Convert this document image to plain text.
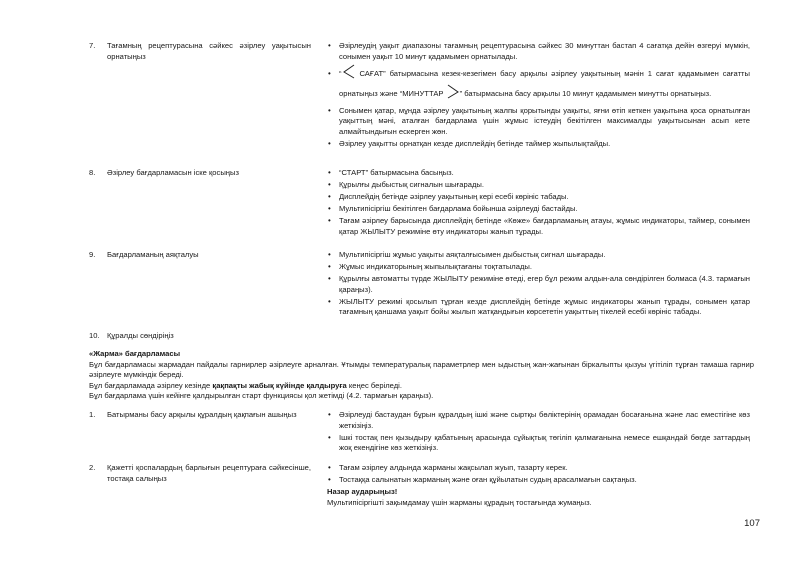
7.	Тағамның рецептурасына сәйкес әзірлеу уақытысын орнатыңыз
• Әзірлеудің уақыт диапазоны тағамның рецептурасына сәйкес 30 минуттан бастап 4 сағатқа дейін өзгеруі мүмкін, сонымен уақыт 10 минут қадамымен орнатылады.
• “ САҒАТ” батырмасына кезек-кезегімен басу арқылы әзірлеу уақытының мәнін 1 сағат қадамымен сағатты орнатыңыз және “МИНУТТАР ” батырмасына басу арқылы 10 минут қадамымен минутты орнатыңыз.
• Сонымен қатар, мұнда әзірлеу уақытының жалпы қорытынды уақыты, яғни өтіп кеткен уақытына қоса орнатылған уақыттың мәні, аталған бағдарлама үшін жұмыс істеудің бекітілген максималды уақытысынан асып кете алмайтындығын ескерген жөн.
• Әзірлеу уақытты орнатқан кезде дисплейдің бетінде таймер жыпылықтайды.
8.	Әзірлеу бағдарламасын іске қосыңыз	• “СТАРТ” батырмасына басыңыз.
• Құрылғы дыбыстық сигналын шығарады.
• Дисплейдің бетінде әзірлеу уақытының кері есебі көрініс табады.
• Мультипісіргіш бекітілген бағдарлама бойынша әзірлеуді бастайды.
• Тағам әзірлеу барысында дисплейдің бетінде «Көже» бағдарламаның атауы, жұмыс индикаторы, таймер, сонымен қатар ЖЫЛЫТУ режиміне өту индикаторы жанып тұрады.
9.	Бағдарламаның аяқталуы	• Мультипісіргіш жұмыс уақыты аяқталғысымен дыбыстық сигнал шығарады.
• Жұмыс индикаторының жыпылықтағаны тоқтатылады.
• Құрылғы автоматты түрде ЖЫЛЫТУ режиміне өтеді, егер бұл режим алдын-ала сөндірілген болмаса (4.3. тармағын қараңыз).
• ЖЫЛЫТУ режимі қосылып тұрған кезде дисплейдің бетінде жұмыс индикаторы жанып тұрады, сонымен қатар тағамның қаншама уақыт бойы жылып жатқандығын көрсететін уақыттың тікелей есебі көрініс табады.
10. Құралды сөндіріңіз
«Жарма» бағдарламасы
Бұл бағдарламасы жармадан пайдалы гарнирлер әзірлеуге арналған. Ұтымды температуралық параметрлер мен ыдыстың жан-жағынан біркалыпты қызуы үгітіліп тұрған тамаша гарнир әзірлеуге мүмкіндік береді.
Бұл бағдарламада әзірлеу кезінде қақпақты жабық күйінде қалдыруға кеңес беріледі.
Бұл бағдарлама үшін кейінге қалдырылған старт функциясы қол жетімді (4.2. тармағын қараңыз).
1.	Батырманы басу арқылы құралдың қақпағын ашыңыз	• Әзірлеуді бастаудан бұрын құралдың ішкі және сыртқы бөліктерінің орамадан босағанына және лас еместігіне көз жеткізіңіз.
• Ішкі тостақ пен қызыдыру қабатының арасында сұйықтық төгіліп қалмағанына немесе ешқандай бөгде заттардың жоқ екендігіне көз жеткізіңіз.
2.	Қажетті қоспалардың барлығын рецептураға сәйкесінше, тостақа салыңыз
• Тағам әзірлеу алдында жарманы жақсылап жуып, тазарту керек.
• Тостаққа салынатын жарманың және оған құйылатын судың арасалмағын сақтаңыз.
Назар аударыңыз!
Мультипісіргішті зақымдамау үшін жарманы құрадың тостағында жумаңыз.
107
